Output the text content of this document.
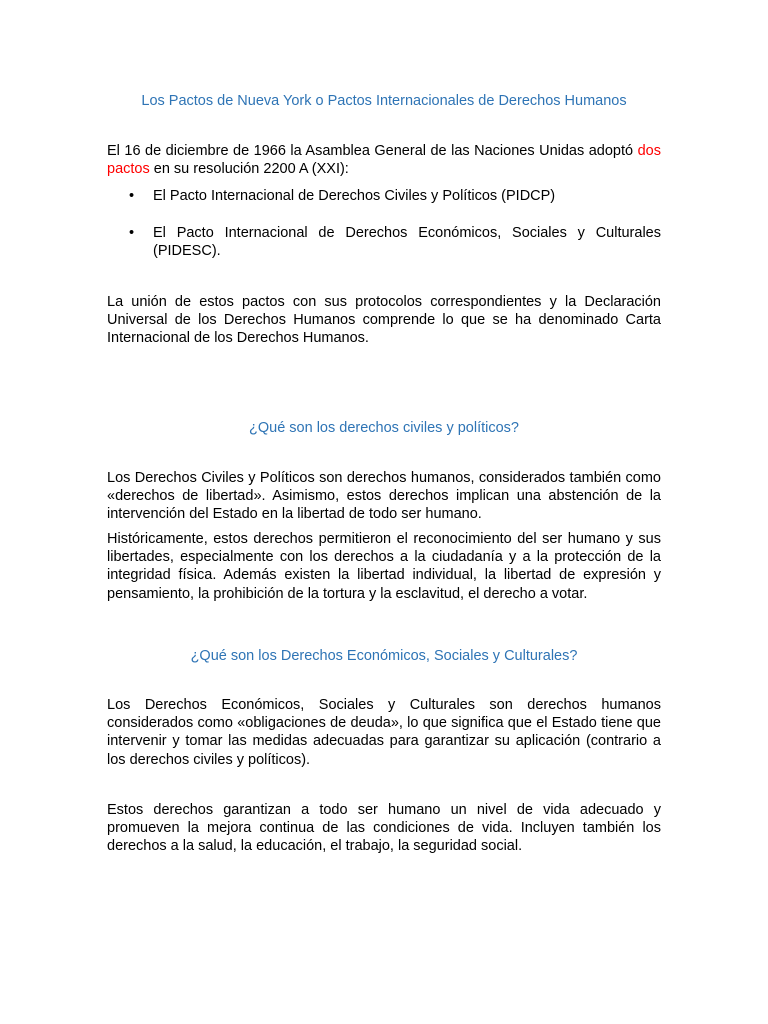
Los Pactos de Nueva York o Pactos Internacionales de Derechos Humanos

El 16 de diciembre de 1966 la Asamblea General de las Naciones Unidas adoptó dos pactos en su resolución 2200 A (XXI):

• El Pacto Internacional de Derechos Civiles y Políticos (PIDCP)
• El Pacto Internacional de Derechos Económicos, Sociales y Culturales (PIDESC).

La unión de estos pactos con sus protocolos correspondientes y la Declaración Universal de los Derechos Humanos comprende lo que se ha denominado Carta Internacional de los Derechos Humanos.

¿Qué son los derechos civiles y políticos?

Los Derechos Civiles y Políticos son derechos humanos, considerados también como «derechos de libertad». Asimismo, estos derechos implican una abstención de la intervención del Estado en la libertad de todo ser humano.

Históricamente, estos derechos permitieron el reconocimiento del ser humano y sus libertades, especialmente con los derechos a la ciudadanía y a la protección de la integridad física. Además existen la libertad individual, la libertad de expresión y pensamiento, la prohibición de la tortura y la esclavitud, el derecho a votar.

¿Qué son los Derechos Económicos, Sociales y Culturales?

Los Derechos Económicos, Sociales y Culturales son derechos humanos considerados como «obligaciones de deuda», lo que significa que el Estado tiene que intervenir y tomar las medidas adecuadas para garantizar su aplicación (contrario a los derechos civiles y políticos).

Estos derechos garantizan a todo ser humano un nivel de vida adecuado y promueven la mejora continua de las condiciones de vida. Incluyen también los derechos a la salud, la educación, el trabajo, la seguridad social.
